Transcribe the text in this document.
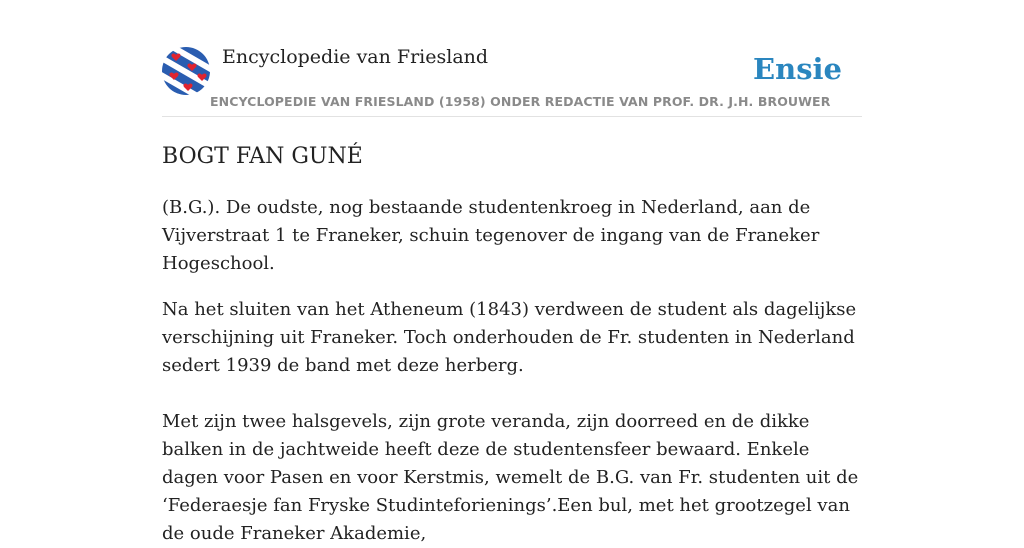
Encyclopedie van Friesland	Ensie
ENCYCLOPEDIE VAN FRIESLAND (1958) ONDER REDACTIE VAN PROF. DR. J.H. BROUWER
BOGT FAN GUNÉ

(B.G.). De oudste, nog bestaande studentenkroeg in Nederland, aan de Vijverstraat 1 te Franeker, schuin tegenover de ingang van de Franeker Hogeschool.

Na het sluiten van het Atheneum (1843) verdween de student als dagelijkse verschijning uit Franeker. Toch onderhouden de Fr. studenten in Nederland sedert 1939 de band met deze herberg.

Met zijn twee halsgevels, zijn grote veranda, zijn doorreed en de dikke balken in de jachtweide heeft deze de studentensfeer bewaard. Enkele dagen voor Pasen en voor Kerstmis, wemelt de B.G. van Fr. studenten uit de ‘Federaesje fan Fryske Studinteforienings’.Een bul, met het grootzegel van de oude Franeker Akademie,
